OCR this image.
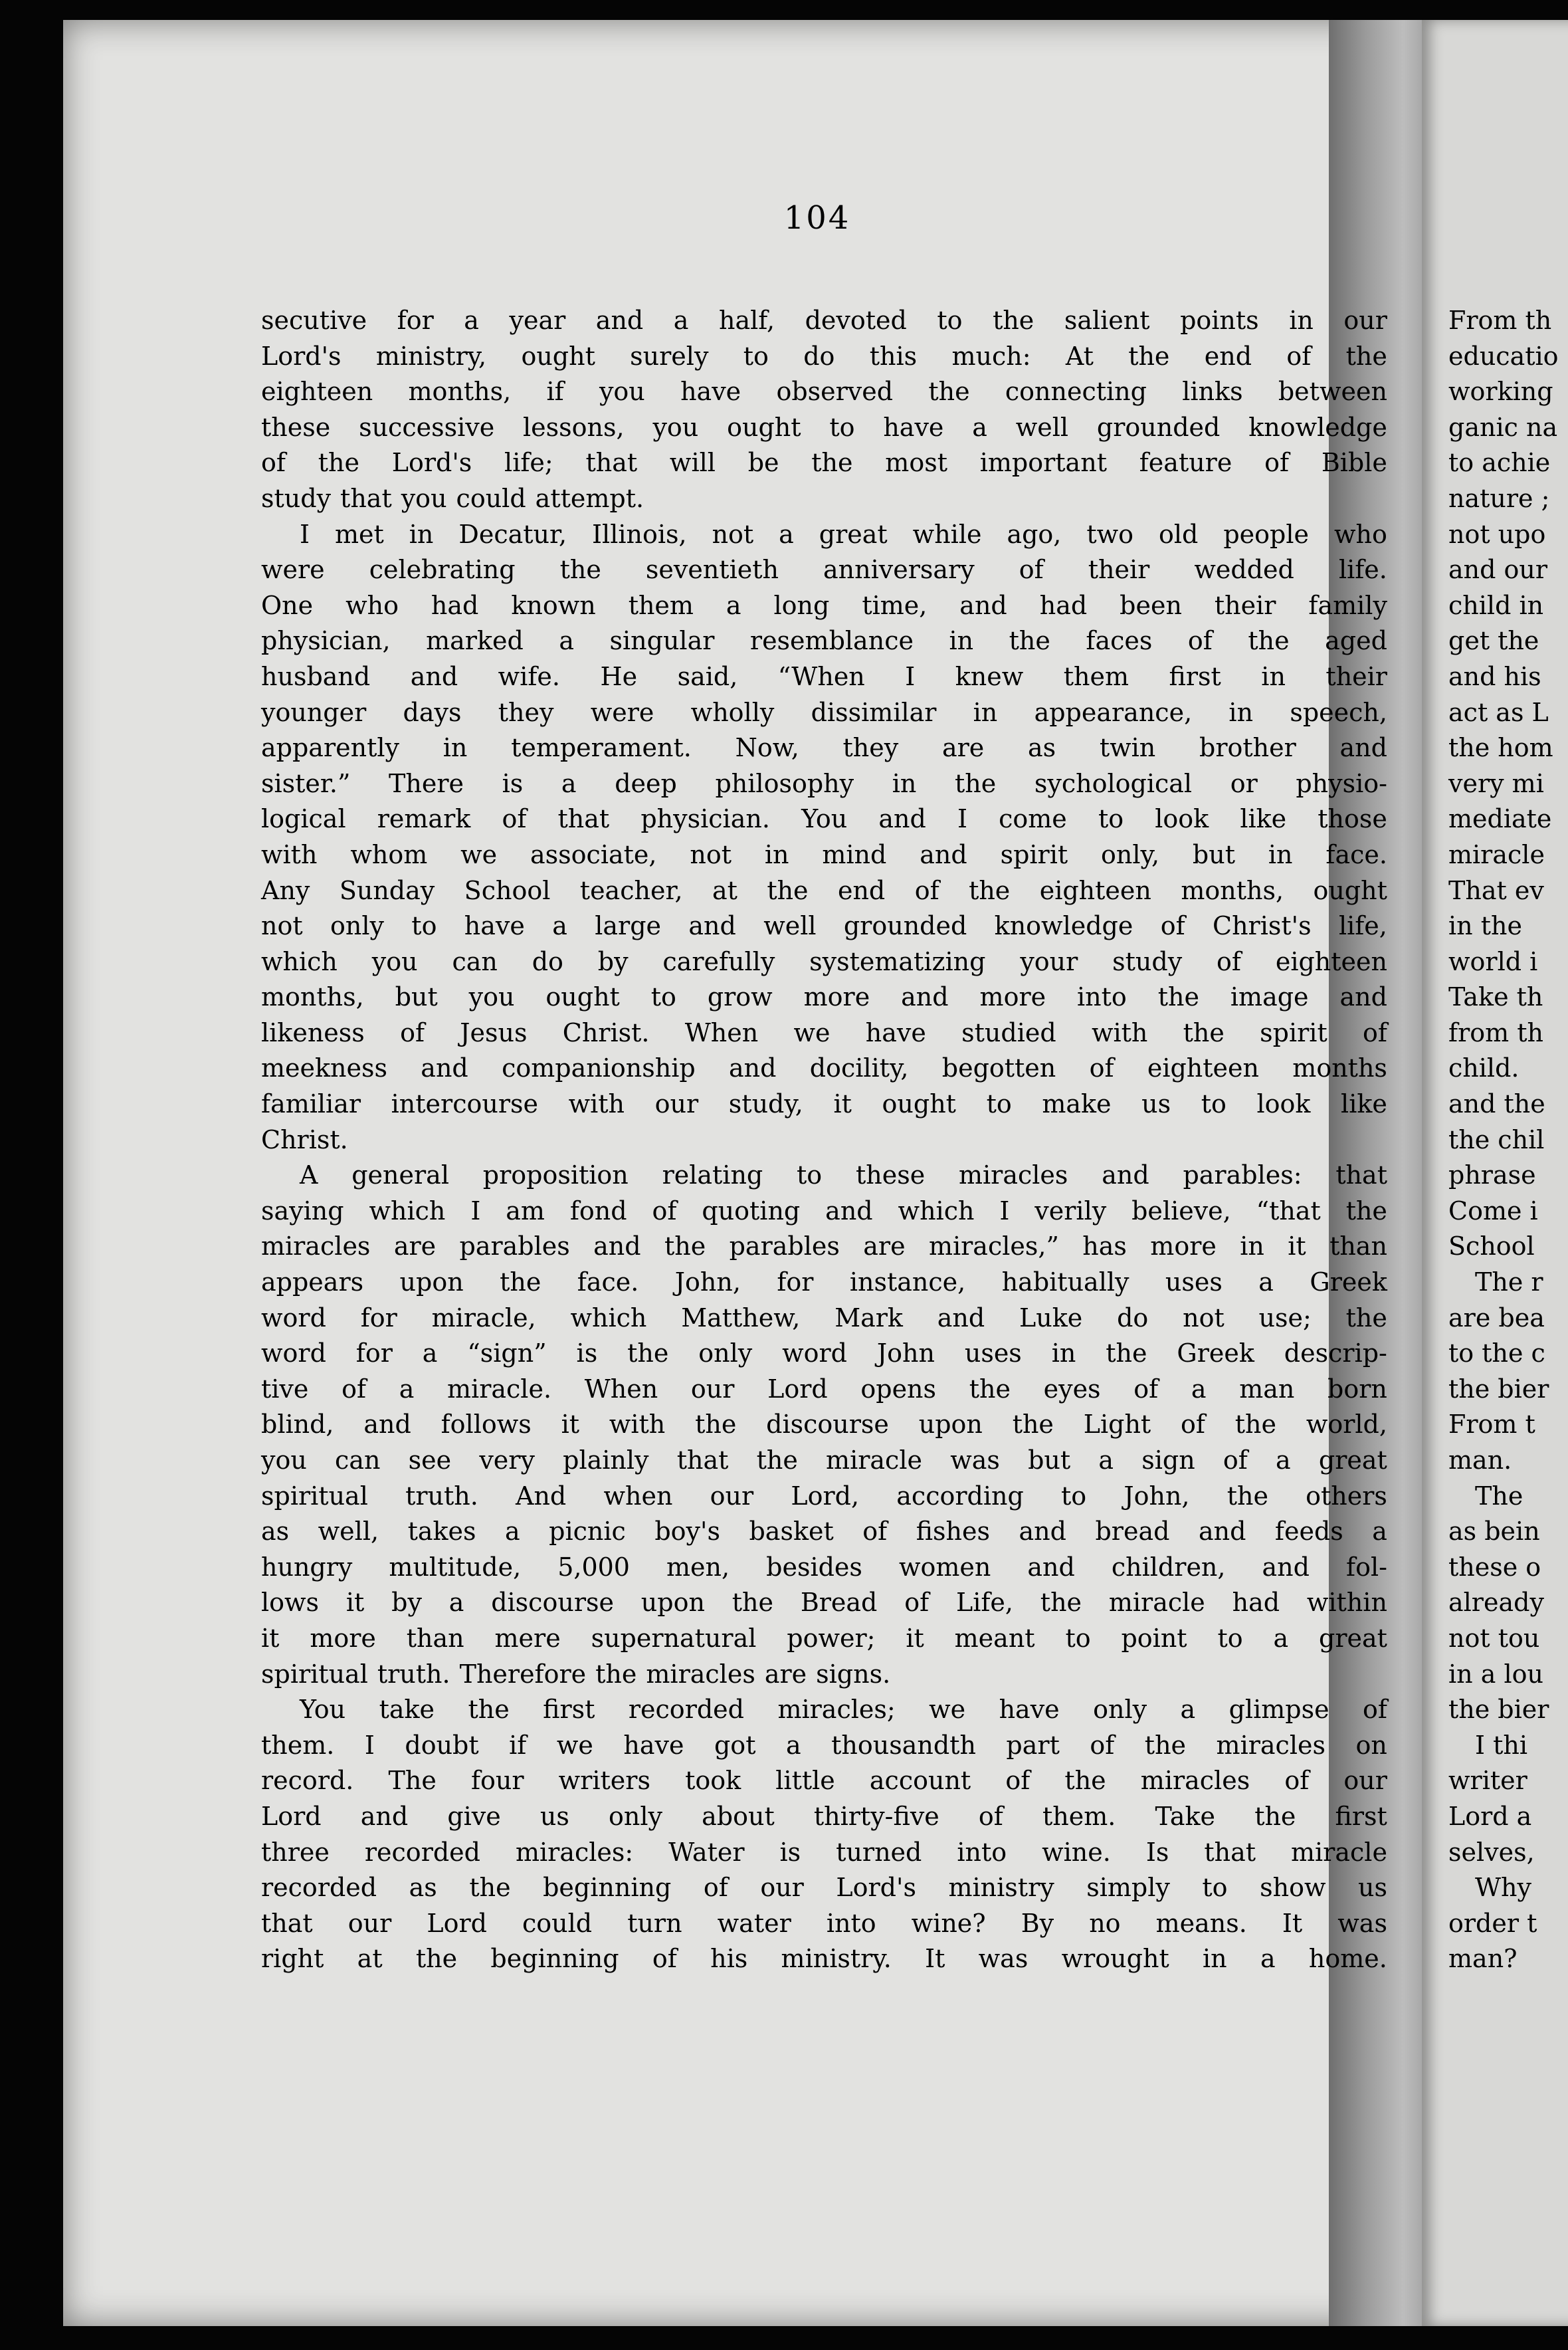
104
secutive for a year and a half, devoted to the salient points in our
Lord's ministry, ought surely to do this much: At the end of the
eighteen months, if you have observed the connecting links between
these successive lessons, you ought to have a well grounded knowledge
of the Lord's life; that will be the most important feature of Bible
study that you could attempt.
I met in Decatur, Illinois, not a great while ago, two old people who
were celebrating the seventieth anniversary of their wedded life.
One who had known them a long time, and had been their family
physician, marked a singular resemblance in the faces of the aged
husband and wife. He said, “When I knew them first in their
younger days they were wholly dissimilar in appearance, in speech,
apparently in temperament. Now, they are as twin brother and
sister.” There is a deep philosophy in the sychological or physio-
logical remark of that physician. You and I come to look like those
with whom we associate, not in mind and spirit only, but in face.
Any Sunday School teacher, at the end of the eighteen months, ought
not only to have a large and well grounded knowledge of Christ's life,
which you can do by carefully systematizing your study of eighteen
months, but you ought to grow more and more into the image and
likeness of Jesus Christ. When we have studied with the spirit of
meekness and companionship and docility, begotten of eighteen months
familiar intercourse with our study, it ought to make us to look like
Christ.
A general proposition relating to these miracles and parables: that
saying which I am fond of quoting and which I verily believe, “that the
miracles are parables and the parables are miracles,” has more in it than
appears upon the face. John, for instance, habitually uses a Greek
word for miracle, which Matthew, Mark and Luke do not use; the
word for a “sign” is the only word John uses in the Greek descrip-
tive of a miracle. When our Lord opens the eyes of a man born
blind, and follows it with the discourse upon the Light of the world,
you can see very plainly that the miracle was but a sign of a great
spiritual truth. And when our Lord, according to John, the others
as well, takes a picnic boy's basket of fishes and bread and feeds a
hungry multitude, 5,000 men, besides women and children, and fol-
lows it by a discourse upon the Bread of Life, the miracle had within
it more than mere supernatural power; it meant to point to a great
spiritual truth. Therefore the miracles are signs.
You take the first recorded miracles; we have only a glimpse of
them. I doubt if we have got a thousandth part of the miracles on
record. The four writers took little account of the miracles of our
Lord and give us only about thirty-five of them. Take the first
three recorded miracles: Water is turned into wine. Is that miracle
recorded as the beginning of our Lord's ministry simply to show us
that our Lord could turn water into wine? By no means. It was
right at the beginning of his ministry. It was wrought in a home.
From th
educatio
working
ganic na
to achie
nature ;
not upo
and our
child in
get the
and his
act as L
the hom
very mi
mediate
miracle
That ev
in the
world i
Take th
from th
child.
and the
the chil
phrase
Come i
School
The r
are bea
to the c
the bier
From t
man.
The
as bein
these o
already
not tou
in a lou
the bier
I thi
writer
Lord a
selves,
Why
order t
man?
